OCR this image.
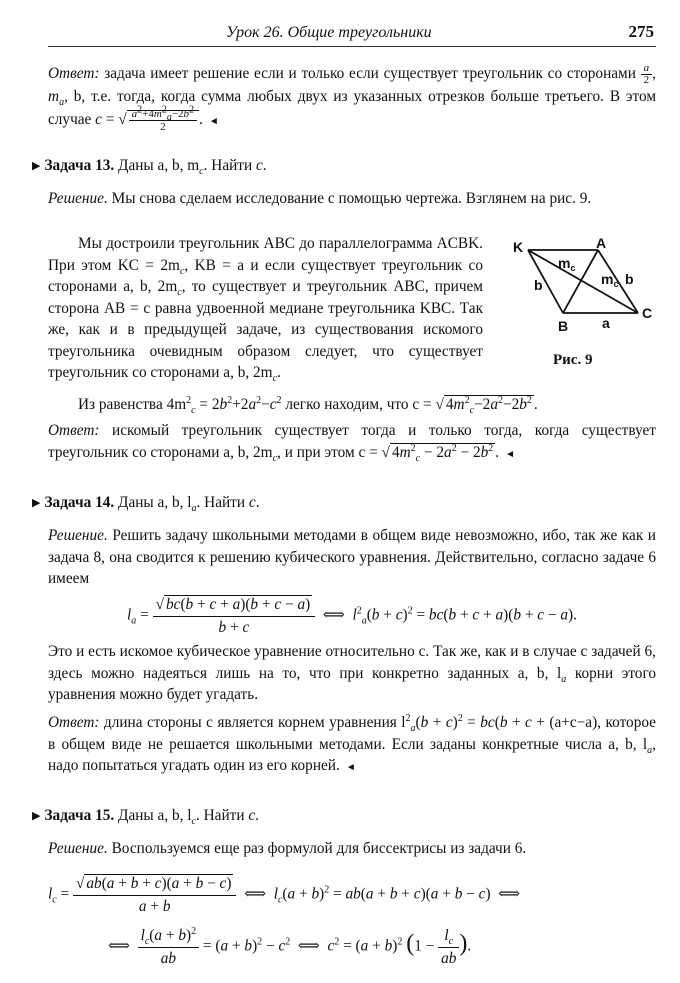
Урок 26. Общие треугольники	275
Ответ: задача имеет решение если и только если существует треугольник со сторонами $\frac{a}{2}$ , $m_a$, b, т.е. тогда, когда сумма любых двух из указанных отрезков больше третьего. В этом случае c = √ $\frac{a^2+4m^2_a-2b^2}{2}$ . ◄
▶ Задача 13. Даны a, b, $m_c$. Найти c.
Решение. Мы снова сделаем исследование с помощью чертежа. Взглянем на рис. 9.
Мы достроили треугольник ABC до параллелограмма ACBK. При этом KC = $2m_c$, KB = a и если существует треугольник со сторонами a, b, $2m_c$, то существует и треугольник ABC, причем сторона AB = c равна удвоенной медиане треугольника KBC. Так же, как и в предыдущей задаче, из существования искомого треугольника очевидным образом следует, что существует треугольник со сторонами a, b, $2m_c$.
K	A
B
C
a
b	b
$m_c$
$m_c$
Рис. 9
Из равенства $4m^2_c = 2b^2+2a^2-c^2$ легко находим, что c = √ $4m^2_c-2a^2-2b^2$ .
Ответ: искомый треугольник существует тогда и только тогда, когда существует треугольник со сторонами a, b, $2m_c$, и при этом c = √ $4m^2_c - 2a^2 - 2b^2$ . ◄
▶ Задача 14. Даны a, b, $l_a$. Найти c.
Решение. Решить задачу школьными методами в общем виде невозможно, ибо, так же как и задача 8, она сводится к решению кубического уравнения. Действительно, согласно задаче 6 имеем
$l_a = \frac{√ bc(b + c + a)(b + c - a)}{b + c}$ ⟺  $l^2_a(b + c)^2 = bc(b + c + a)(b + c - a)$.
Это и есть искомое кубическое уравнение относительно c. Так же, как и в случае с задачей 6, здесь можно надеяться лишь на то, что при конкретно заданных a, b, $l_a$ корни этого уравнения можно будет угадать.
Ответ: длина стороны c является корнем уравнения $l^2_a(b + c)^2 = bc(b + c + (a+c-a)$, которое в общем виде не решается школьными методами. Если заданы конкретные числа a, b, $l_a$, надо попытаться угадать один из его корней. ◄
▶ Задача 15. Даны a, b, $l_c$. Найти c.
Решение. Воспользуемся еще раз формулой для биссектрисы из задачи 6.
$l_c = \frac{√ ab(a + b + c)(a + b - c)}{a + b}$ ⟺  $l_c(a + b)^2 = ab(a + b + c)(a + b - c)$  ⟺
⟺ $\frac{l_c(a + b)^2}{ab} = (a + b)^2 - c^2$  ⟺  $c^2 = (a + b)^2$ ($1 - \frac{l_c}{ab}$ ).
